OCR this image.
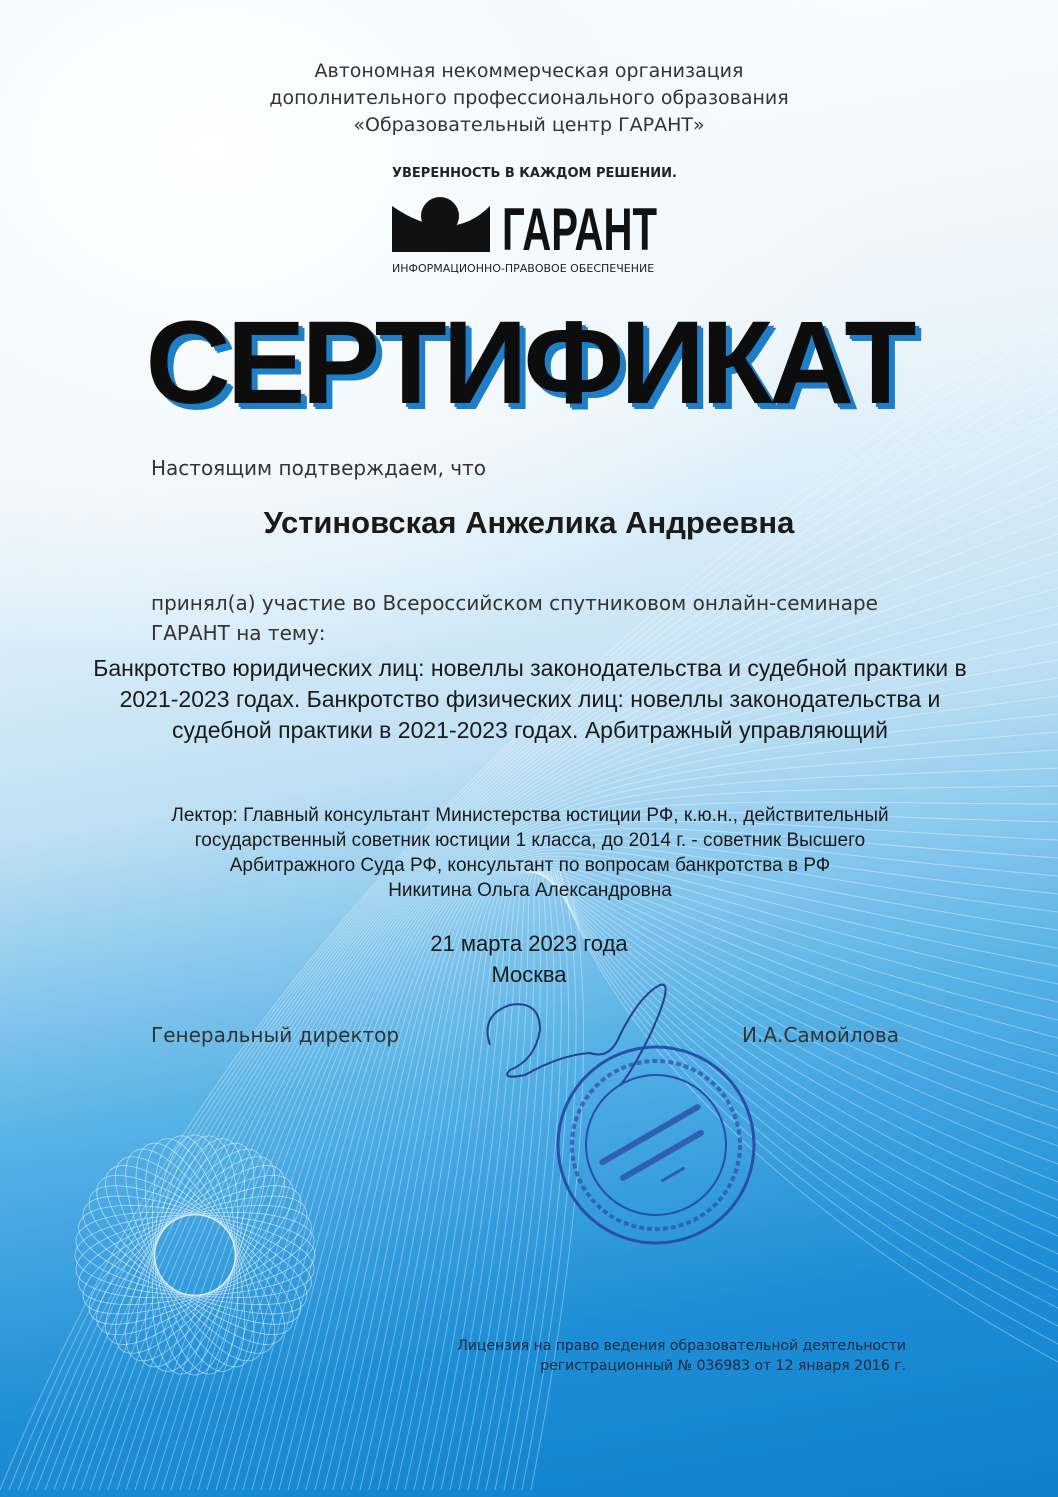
Автономная некоммерческая организация
дополнительного профессионального образования
«Образовательный центр ГАРАНТ»
УВЕРЕННОСТЬ В КАЖДОМ РЕШЕНИИ.
ГАРАНТ
ИНФОРМАЦИОННО-ПРАВОВОЕ ОБЕСПЕЧЕНИЕ
СЕРТИФИКАТ
Настоящим подтверждаем, что
Устиновская Анжелика Андреевна
принял(а) участие во Всероссийском спутниковом онлайн-семинаре ГАРАНТ на тему:
Банкротство юридических лиц: новеллы законодательства и судебной практики в 2021-2023 годах. Банкротство физических лиц: новеллы законодательства и судебной практики в 2021-2023 годах. Арбитражный управляющий
Лектор: Главный консультант Министерства юстиции РФ, к.ю.н., действительный
государственный советник юстиции 1 класса, до 2014 г. - советник Высшего
Арбитражного Суда РФ, консультант по вопросам банкротства в РФ
Никитина Ольга Александровна
21 марта 2023 года
Москва
Генеральный директор	И.А.Самойлова
Лицензия на право ведения образовательной деятельности
регистрационный № 036983 от 12 января 2016 г.
